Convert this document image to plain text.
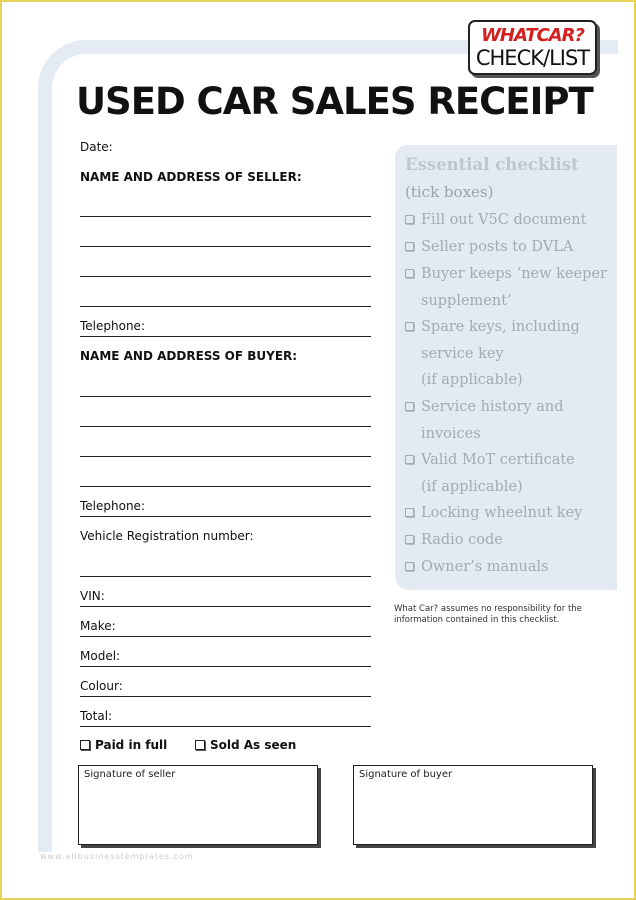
WHATCAR?
CHECK/LIST
USED CAR SALES RECEIPT
Date:
NAME AND ADDRESS OF SELLER:
Telephone:
NAME AND ADDRESS OF BUYER:
Telephone:
Vehicle Registration number:
VIN:
Make:
Model:
Colour:
Total:
Paid in full	Sold As seen
Signature of seller	Signature of buyer
Essential checklist
(tick boxes)
Fill out V5C document
Seller posts to DVLA
Buyer keeps ‘new keeper
supplement’
Spare keys, including
service key
(if applicable)
Service history and
invoices
Valid MoT certificate
(if applicable)
Locking wheelnut key
Radio code
Owner’s manuals
What Car? assumes no responsibility for the information contained in this checklist.
www.allbusinesstemplates.com
